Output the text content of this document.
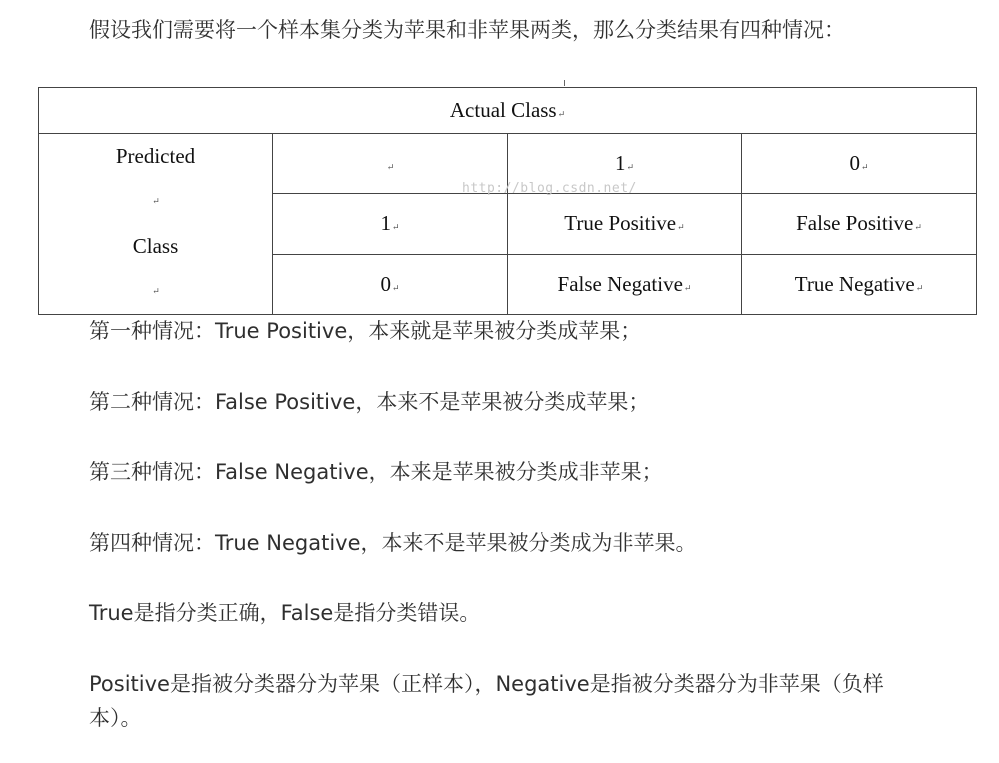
假设我们需要将一个样本集分类为苹果和非苹果两类，那么分类结果有四种情况：

Actual Class↵			

Predicted
↵
Class
↵	↵	1↵	0↵
	1↵	True Positive↵	False Positive↵
	0↵	False Negative↵	True Negative↵
http://blog.csdn.net/

第一种情况：True Positive，本来就是苹果被分类成苹果；

第二种情况：False Positive，本来不是苹果被分类成苹果；

第三种情况：False Negative，本来是苹果被分类成非苹果；

第四种情况：True Negative，本来不是苹果被分类成为非苹果。

True是指分类正确，False是指分类错误。

Positive是指被分类器分为苹果（正样本），Negative是指被分类器分为非苹果（负样本）。
